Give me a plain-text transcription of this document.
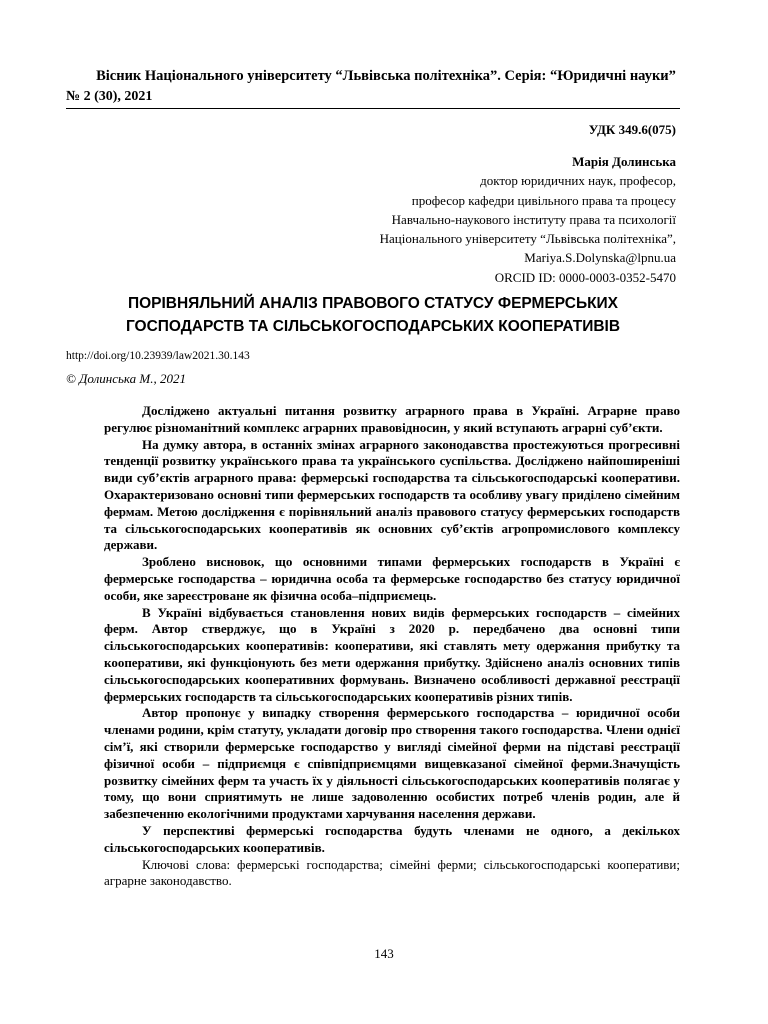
Вісник Національного університету “Львівська політехніка”. Серія: “Юридичні науки”
№ 2 (30), 2021
УДК 349.6(075)
Марія Долинська
доктор юридичних наук, професор,
професор кафедри цивільного права та процесу
Навчально-наукового інституту права та психології
Національного університету “Львівська політехніка”,
Mariya.S.Dolynska@lpnu.ua
ORCID ID: 0000-0003-0352-5470
ПОРІВНЯЛЬНИЙ АНАЛІЗ ПРАВОВОГО СТАТУСУ ФЕРМЕРСЬКИХ
ГОСПОДАРСТВ ТА СІЛЬСЬКОГОСПОДАРСЬКИХ КООПЕРАТИВІВ
http://doi.org/10.23939/law2021.30.143
© Долинська М., 2021

Досліджено актуальні питання розвитку аграрного права в Україні. Аграрне право регулює різноманітний комплекс аграрних правовідносин, у який вступають аграрні суб’єкти.

На думку автора, в останніх змінах аграрного законодавства простежуються прогресивні тенденції розвитку українського права та українського суспільства. Досліджено найпоширеніші види суб’єктів аграрного права: фермерські господарства та сільськогосподарські кооперативи. Охарактеризовано основні типи фермерських господарств та особливу увагу приділено сімейним фермам. Метою дослідження є порівняльний аналіз правового статусу фермерських господарств та сільськогосподарських кооперативів як основних суб’єктів агропромислового комплексу держави.

Зроблено висновок, що основними типами фермерських господарств в Україні є фермерське господарства – юридична особа та фермерське господарство без статусу юридичної особи, яке зареєстроване як фізична особа–підприємець.

В Україні відбувається становлення нових видів фермерських господарств – сімейних ферм. Автор стверджує, що в Україні з 2020 р. передбачено два основні типи сільськогосподарських кооперативів: кооперативи, які ставлять мету одержання прибутку та кооперативи, які функціонують без мети одержання прибутку. Здійснено аналіз основних типів сільськогосподарських кооперативних формувань. Визначено особливості державної реєстрації фермерських господарств та сільськогосподарських кооперативів різних типів.

Автор пропонує у випадку створення фермерського господарства – юридичної особи членами родини, крім статуту, укладати договір про створення такого господарства. Члени однієї сім’ї, які створили фермерське господарство у вигляді сімейної ферми на підставі реєстрації фізичної особи – підприємця є співпідприємцями вищевказаної сімейної ферми.Значущість розвитку сімейних ферм та участь їх у діяльності сільськогосподарських кооперативів полягає у тому, що вони сприятимуть не лише задоволенню особистих потреб членів родин, але й забезпеченню екологічними продуктами харчування населення держави.

У перспективі фермерські господарства будуть членами не одного, а декількох сільськогосподарських кооперативів.

Ключові слова: фермерські господарства; сімейні ферми; сільськогосподарські кооперативи; аграрне законодавство.

143
